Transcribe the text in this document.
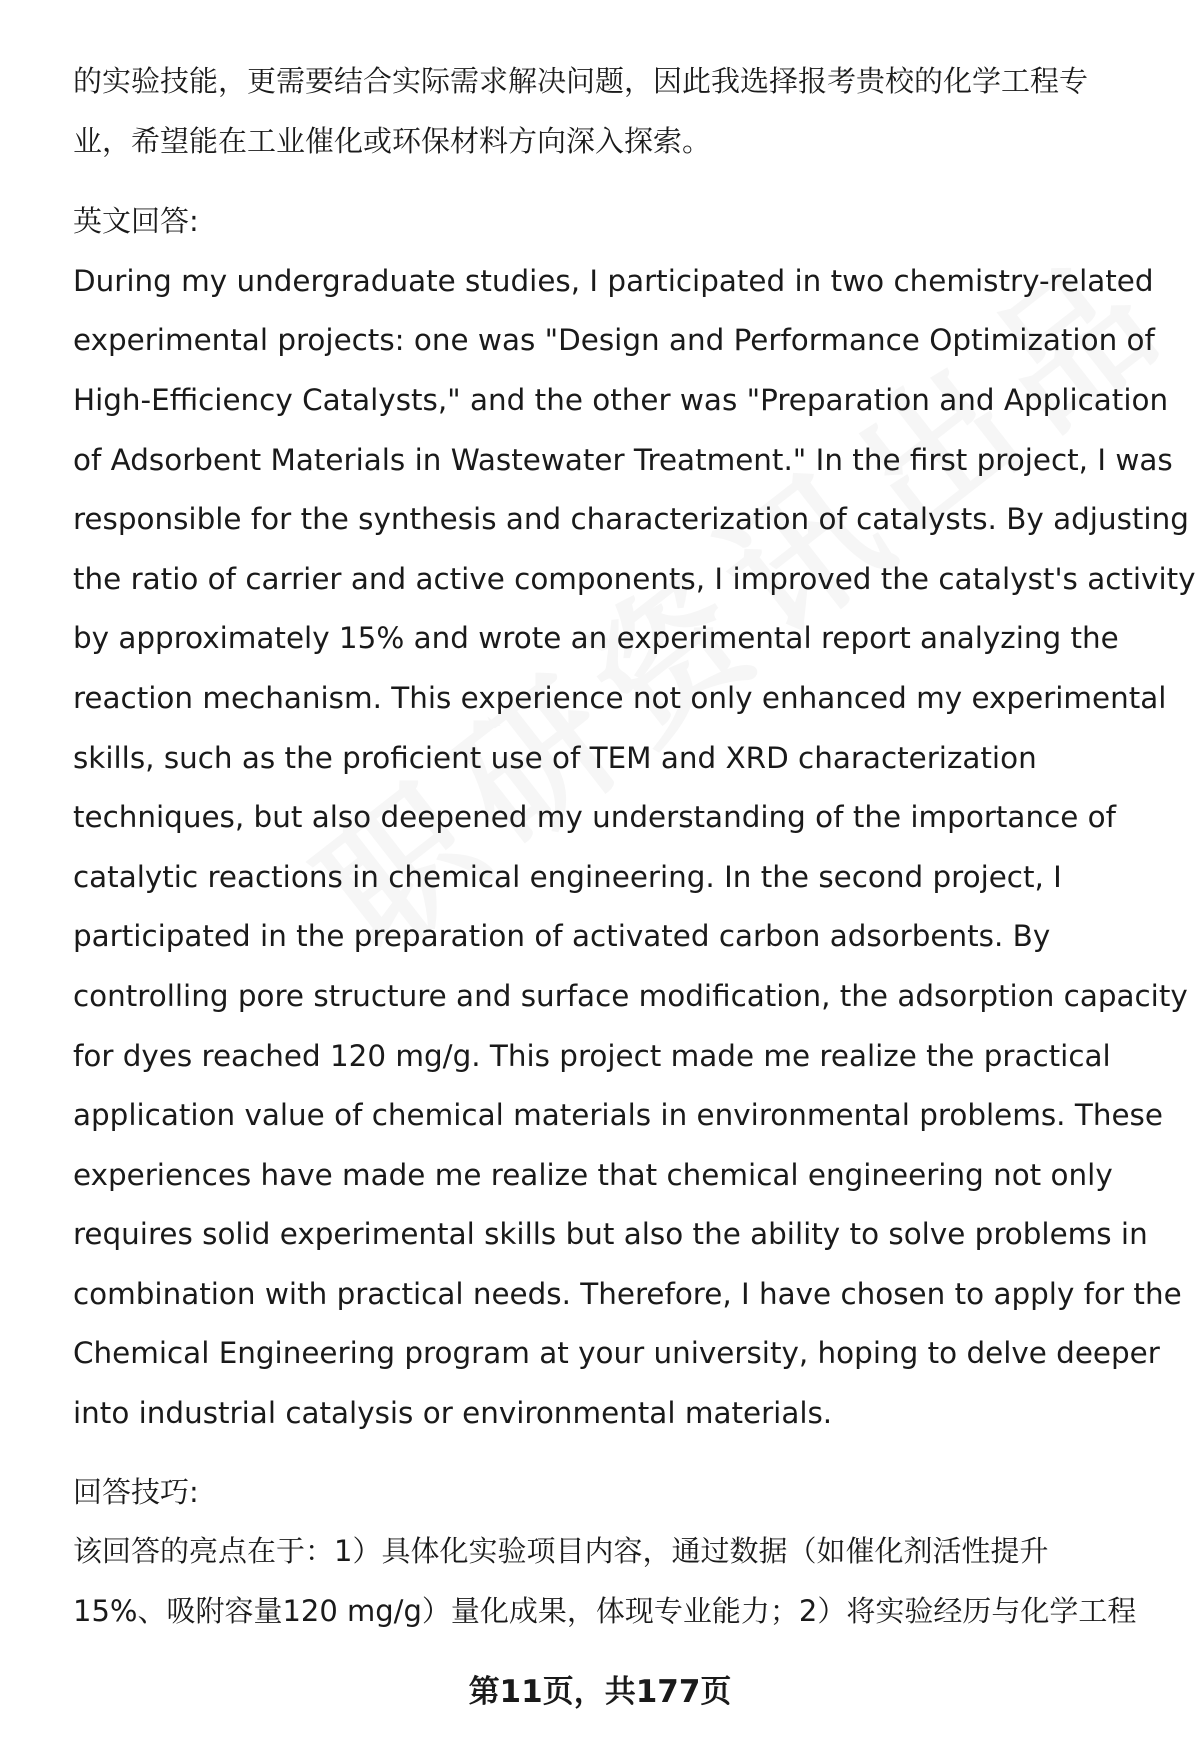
的实验技能，更需要结合实际需求解决问题，因此我选择报考贵校的化学工程专
业，希望能在工业催化或环保材料方向深入探索。
英文回答:
During my undergraduate studies, I participated in two chemistry-related
experimental projects: one was "Design and Performance Optimization of
High-Efficiency Catalysts," and the other was "Preparation and Application
of Adsorbent Materials in Wastewater Treatment." In the first project, I was
responsible for the synthesis and characterization of catalysts. By adjusting
the ratio of carrier and active components, I improved the catalyst's activity
by approximately 15% and wrote an experimental report analyzing the
reaction mechanism. This experience not only enhanced my experimental
skills, such as the proficient use of TEM and XRD characterization
techniques, but also deepened my understanding of the importance of
catalytic reactions in chemical engineering. In the second project, I
participated in the preparation of activated carbon adsorbents. By
controlling pore structure and surface modification, the adsorption capacity
for dyes reached 120 mg/g. This project made me realize the practical
application value of chemical materials in environmental problems. These
experiences have made me realize that chemical engineering not only
requires solid experimental skills but also the ability to solve problems in
combination with practical needs. Therefore, I have chosen to apply for the
Chemical Engineering program at your university, hoping to delve deeper
into industrial catalysis or environmental materials.
回答技巧:
该回答的亮点在于：1）具体化实验项目内容，通过数据（如催化剂活性提升
15%、吸附容量120 mg/g）量化成果，体现专业能力；2）将实验经历与化学工程
第11页，共177页
